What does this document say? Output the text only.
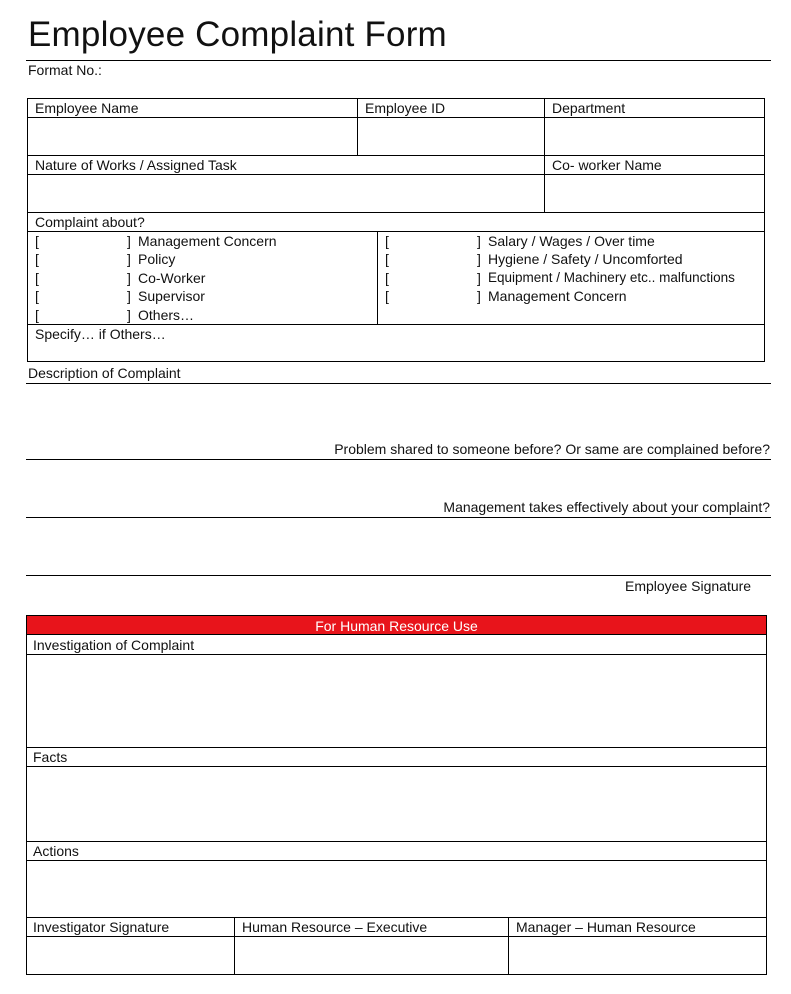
Employee Complaint Form
Format No.:
Employee Name	Employee ID	Department
Nature of Works / Assigned Task	Co- worker Name
Complaint about?
[	] Management Concern
[	] Policy
[	] Co-Worker
[	] Supervisor
[	] Others…
[	] Salary / Wages / Over time
[	] Hygiene / Safety / Uncomforted
[	] Equipment / Machinery etc.. malfunctions
[	] Management Concern
Specify… if Others…
Description of Complaint
Problem shared to someone before? Or same are complained before?
Management takes effectively about your complaint?
Employee Signature
For Human Resource Use
Investigation of Complaint
Facts
Actions
Investigator Signature	Human Resource – Executive	Manager – Human Resource
